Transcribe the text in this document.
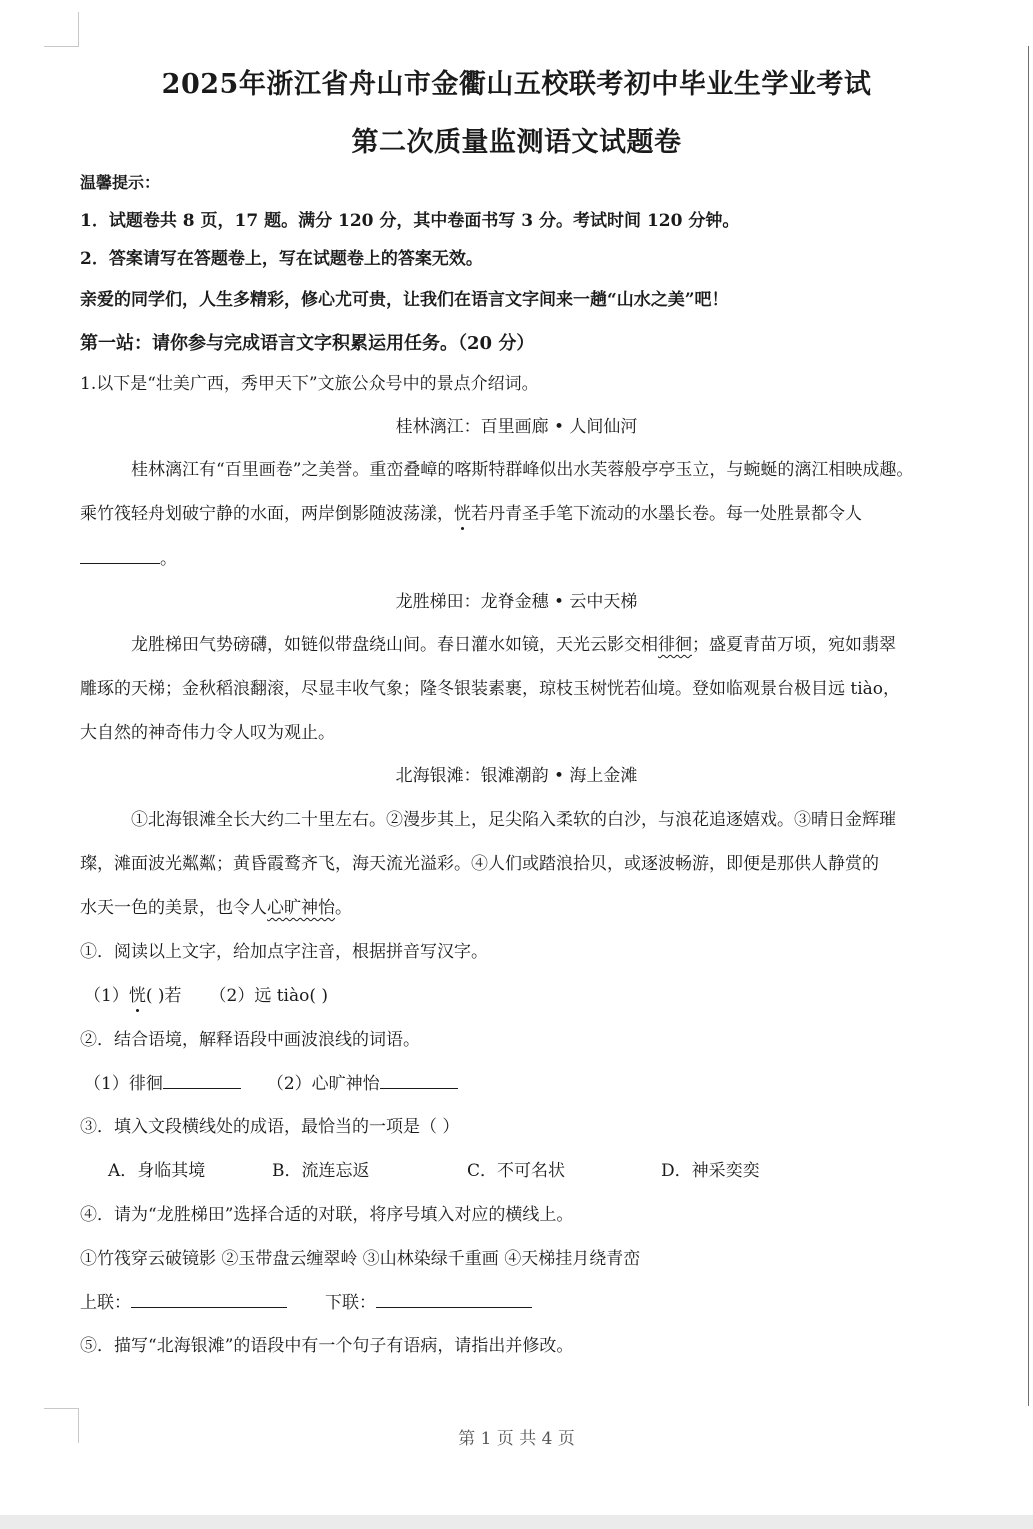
2025年浙江省舟山市金衢山五校联考初中毕业生学业考试
第二次质量监测语文试题卷
温馨提示：
1．试题卷共 8 页，17 题。满分 120 分，其中卷面书写 3 分。考试时间 120 分钟。
2．答案请写在答题卷上，写在试题卷上的答案无效。
亲爱的同学们，人生多精彩，修心尤可贵，让我们在语言文字间来一趟“山水之美”吧！
第一站：请你参与完成语言文字积累运用任务。（20 分）
1.以下是“壮美广西，秀甲天下”文旅公众号中的景点介绍词。
桂林漓江：百里画廊 • 人间仙河
桂林漓江有“百里画卷”之美誉。重峦叠嶂的喀斯特群峰似出水芙蓉般亭亭玉立，与蜿蜒的漓江相映成趣。
乘竹筏轻舟划破宁静的水面，两岸倒影随波荡漾，恍若丹青圣手笔下流动的水墨长卷。每一处胜景都令人
。
龙胜梯田：龙脊金穗 • 云中天梯
龙胜梯田气势磅礴，如链似带盘绕山间。春日灌水如镜，天光云影交相徘徊；盛夏青苗万顷，宛如翡翠
雕琢的天梯；金秋稻浪翻滚，尽显丰收气象；隆冬银装素裹，琼枝玉树恍若仙境。登如临观景台极目远 tiào，
大自然的神奇伟力令人叹为观止。
北海银滩：银滩潮韵 • 海上金滩
①北海银滩全长大约二十里左右。②漫步其上，足尖陷入柔软的白沙，与浪花追逐嬉戏。③晴日金辉璀
璨，滩面波光粼粼；黄昏霞鹜齐飞，海天流光溢彩。④人们或踏浪拾贝，或逐波畅游，即便是那供人静赏的
水天一色的美景，也令人心旷神怡。
①．阅读以上文字，给加点字注音，根据拼音写汉字。
（1）恍( )若 （2）远 tiào( )
②．结合语境，解释语段中画波浪线的词语。
（1）徘徊	（2）心旷神怡
③．填入文段横线处的成语，最恰当的一项是（ ）
A．身临其境	B．流连忘返	C．不可名状	D．神采奕奕
④．请为“龙胜梯田”选择合适的对联，将序号填入对应的横线上。
①竹筏穿云破镜影 ②玉带盘云缠翠岭 ③山林染绿千重画 ④天梯挂月绕青峦
上联：	下联：
⑤．描写“北海银滩”的语段中有一个句子有语病，请指出并修改。
第 1 页 共 4 页
